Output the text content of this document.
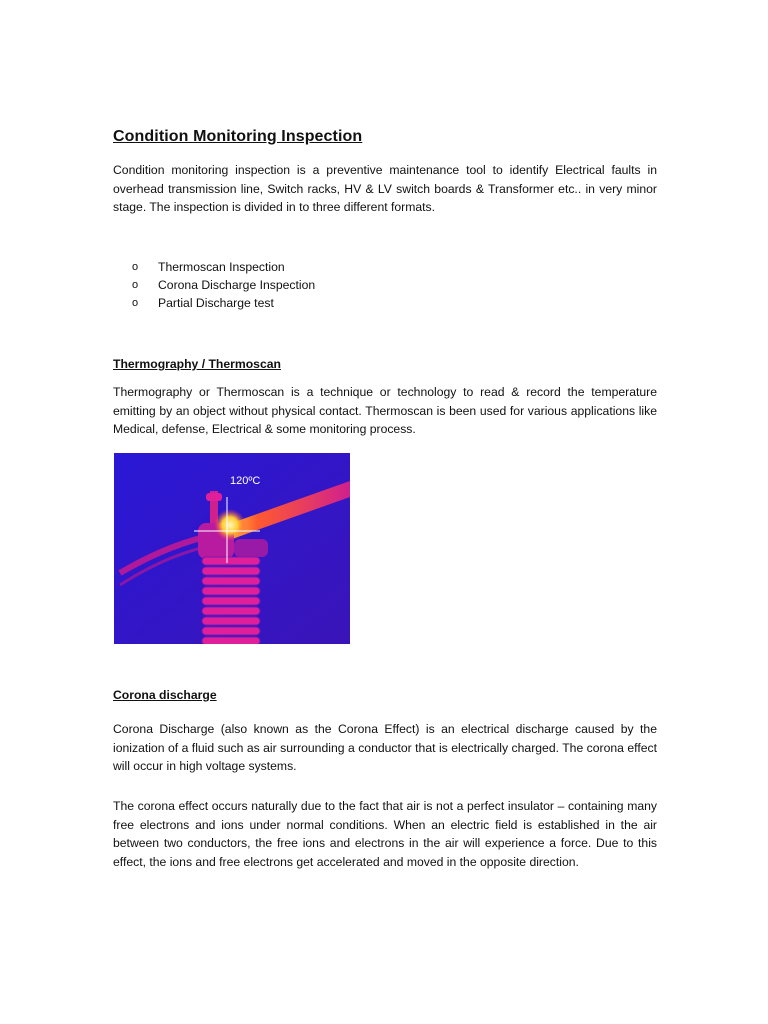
Condition Monitoring Inspection

Condition monitoring inspection is a preventive maintenance tool to identify Electrical faults in overhead transmission line, Switch racks, HV & LV switch boards & Transformer etc.. in very minor stage. The inspection is divided in to three different formats.

o Thermoscan Inspection
o Corona Discharge Inspection
o Partial Discharge test
Thermography / Thermoscan

Thermography or Thermoscan is a technique or technology to read & record the temperature emitting by an object without physical contact. Thermoscan is been used for various applications like Medical, defense, Electrical & some monitoring process.

120ºC
Corona discharge

Corona Discharge (also known as the Corona Effect) is an electrical discharge caused by the ionization of a fluid such as air surrounding a conductor that is electrically charged. The corona effect will occur in high voltage systems.

The corona effect occurs naturally due to the fact that air is not a perfect insulator – containing many free electrons and ions under normal conditions. When an electric field is established in the air between two conductors, the free ions and electrons in the air will experience a force. Due to this effect, the ions and free electrons get accelerated and moved in the opposite direction.
